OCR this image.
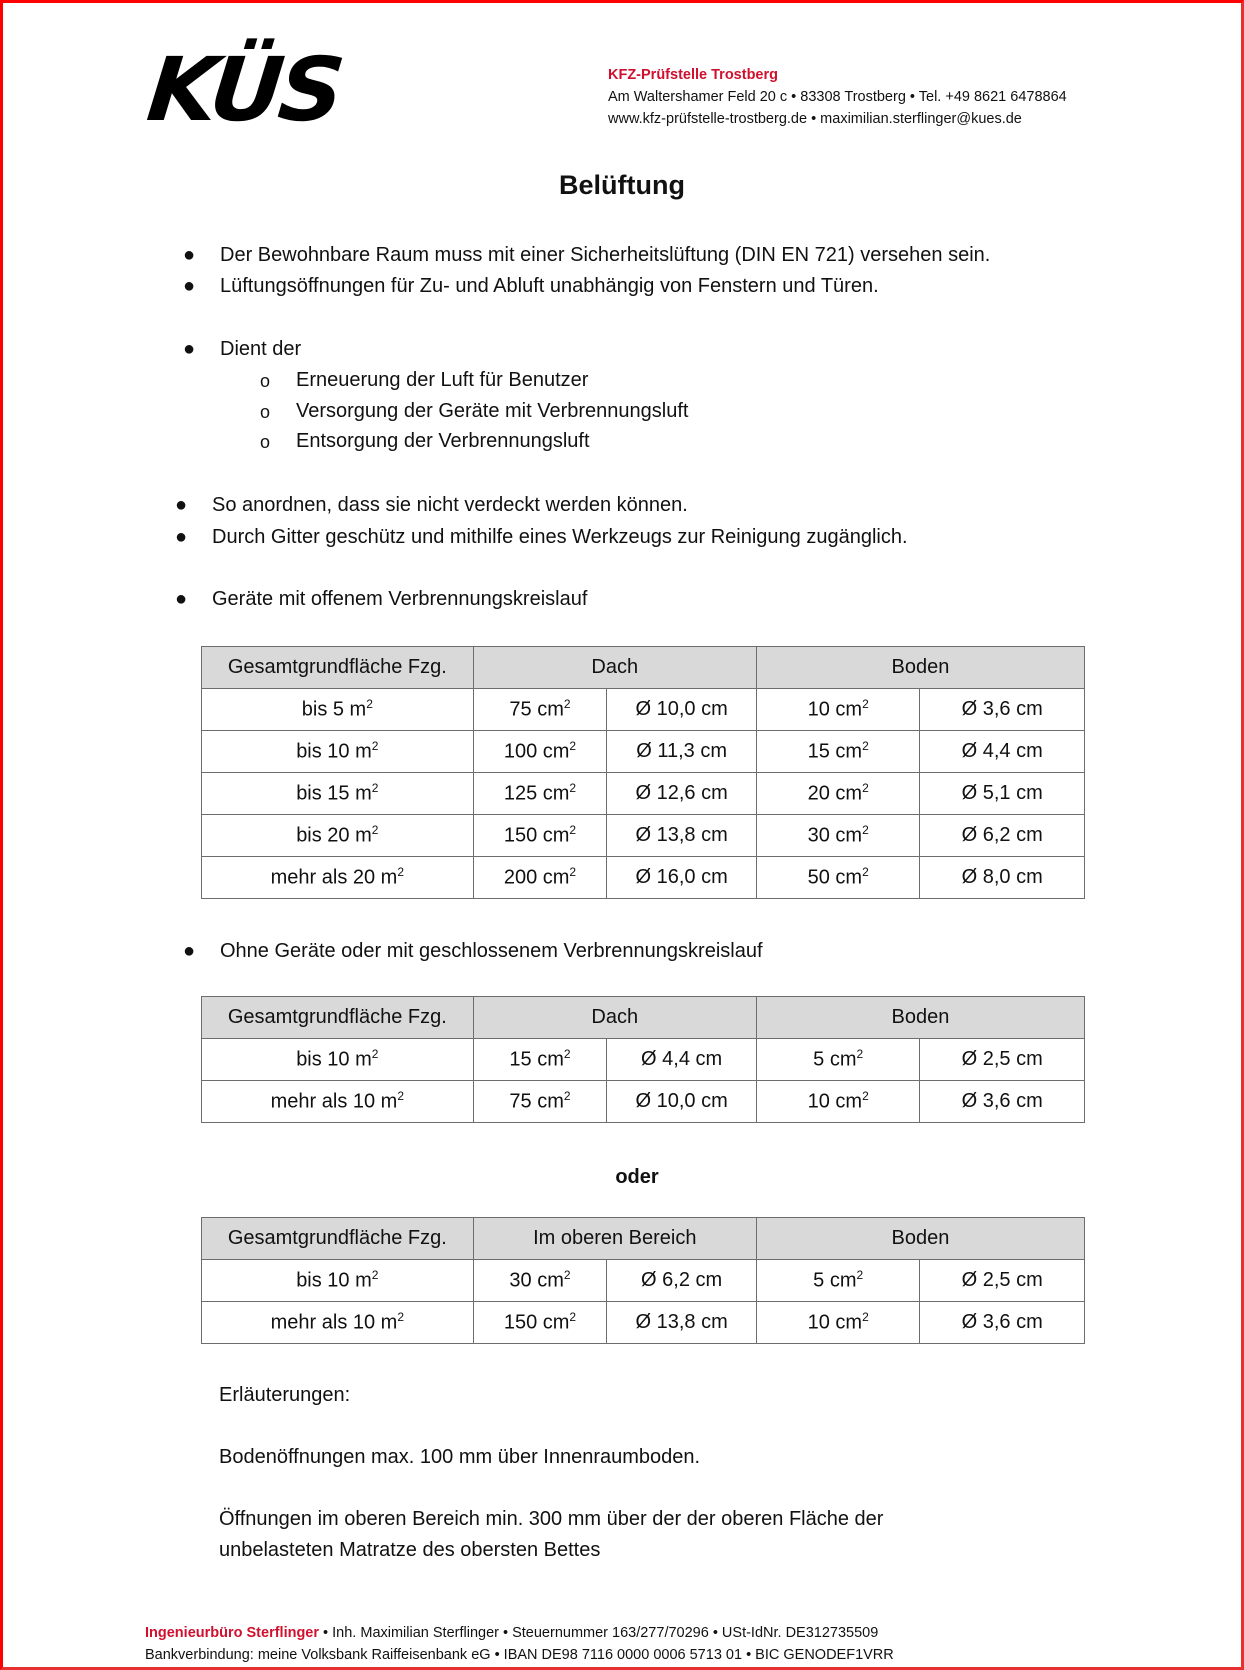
KÜS	KFZ-Prüfstelle Trostberg
Am Waltershamer Feld 20 c • 83308 Trostberg • Tel. +49 8621 6478864
www.kfz-prüfstelle-trostberg.de • maximilian.sterflinger@kues.de
Belüftung
● Der Bewohnbare Raum muss mit einer Sicherheitslüftung (DIN EN 721) versehen sein.
● Lüftungsöffnungen für Zu- und Abluft unabhängig von Fenstern und Türen.
● Dient der
o Erneuerung der Luft für Benutzer
o Versorgung der Geräte mit Verbrennungsluft
o Entsorgung der Verbrennungsluft
● So anordnen, dass sie nicht verdeckt werden können.
● Durch Gitter geschütz und mithilfe eines Werkzeugs zur Reinigung zugänglich.
● Geräte mit offenem Verbrennungskreislauf
Gesamtgrundfläche Fzg.	Dach		Boden	
bis 5 $m^2$	75 $cm^2$	Ø 10,0 cm	10 $cm^2$	Ø 3,6 cm
bis 10 $m^2$	100 $cm^2$	Ø 11,3 cm	15 $cm^2$	Ø 4,4 cm
bis 15 $m^2$	125 $cm^2$	Ø 12,6 cm	20 $cm^2$	Ø 5,1 cm
bis 20 $m^2$	150 $cm^2$	Ø 13,8 cm	30 $cm^2$	Ø 6,2 cm
mehr als 20 $m^2$	200 $cm^2$	Ø 16,0 cm	50 $cm^2$	Ø 8,0 cm
● Ohne Geräte oder mit geschlossenem Verbrennungskreislauf
Gesamtgrundfläche Fzg.	Dach		Boden	
bis 10 $m^2$	15 $cm^2$	Ø 4,4 cm	5 $cm^2$	Ø 2,5 cm
mehr als 10 $m^2$	75 $cm^2$	Ø 10,0 cm	10 $cm^2$	Ø 3,6 cm
oder
Gesamtgrundfläche Fzg.	Im oberen Bereich		Boden	
bis 10 $m^2$	30 $cm^2$	Ø 6,2 cm	5 $cm^2$	Ø 2,5 cm
mehr als 10 $m^2$	150 $cm^2$	Ø 13,8 cm	10 $cm^2$	Ø 3,6 cm
Erläuterungen:
Bodenöffnungen max. 100 mm über Innenraumboden.
Öffnungen im oberen Bereich min. 300 mm über der der oberen Fläche der
unbelasteten Matratze des obersten Bettes
Ingenieurbüro Sterflinger • Inh. Maximilian Sterflinger • Steuernummer 163/277/70296 • USt-IdNr. DE312735509
Bankverbindung: meine Volksbank Raiffeisenbank eG • IBAN DE98 7116 0000 0006 5713 01 • BIC GENODEF1VRR
